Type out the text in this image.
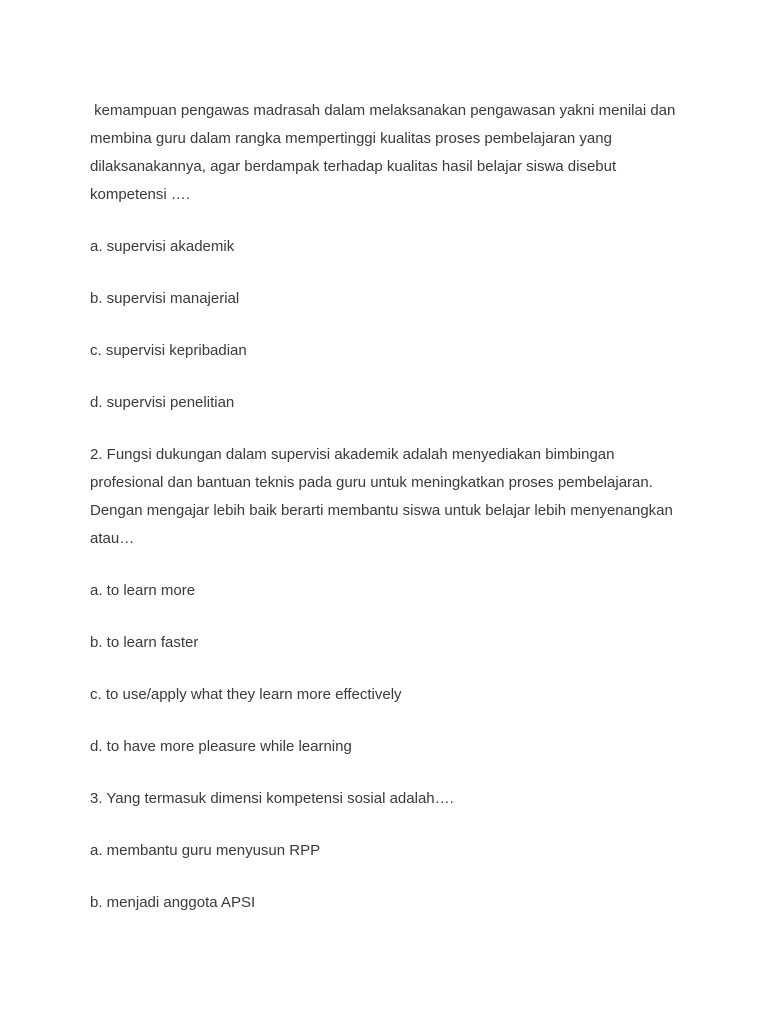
kemampuan pengawas madrasah dalam melaksanakan pengawasan yakni menilai dan membina guru dalam rangka mempertinggi kualitas proses pembelajaran yang dilaksanakannya, agar berdampak terhadap kualitas hasil belajar siswa disebut kompetensi ….

a. supervisi akademik

b. supervisi manajerial

c. supervisi kepribadian

d. supervisi penelitian

2. Fungsi dukungan dalam supervisi akademik adalah menyediakan bimbingan profesional dan bantuan teknis pada guru untuk meningkatkan proses pembelajaran. Dengan mengajar lebih baik berarti membantu siswa untuk belajar lebih menyenangkan atau…

a. to learn more

b. to learn faster

c. to use/apply what they learn more effectively

d. to have more pleasure while learning

3. Yang termasuk dimensi kompetensi sosial adalah….

a. membantu guru menyusun RPP

b. menjadi anggota APSI
